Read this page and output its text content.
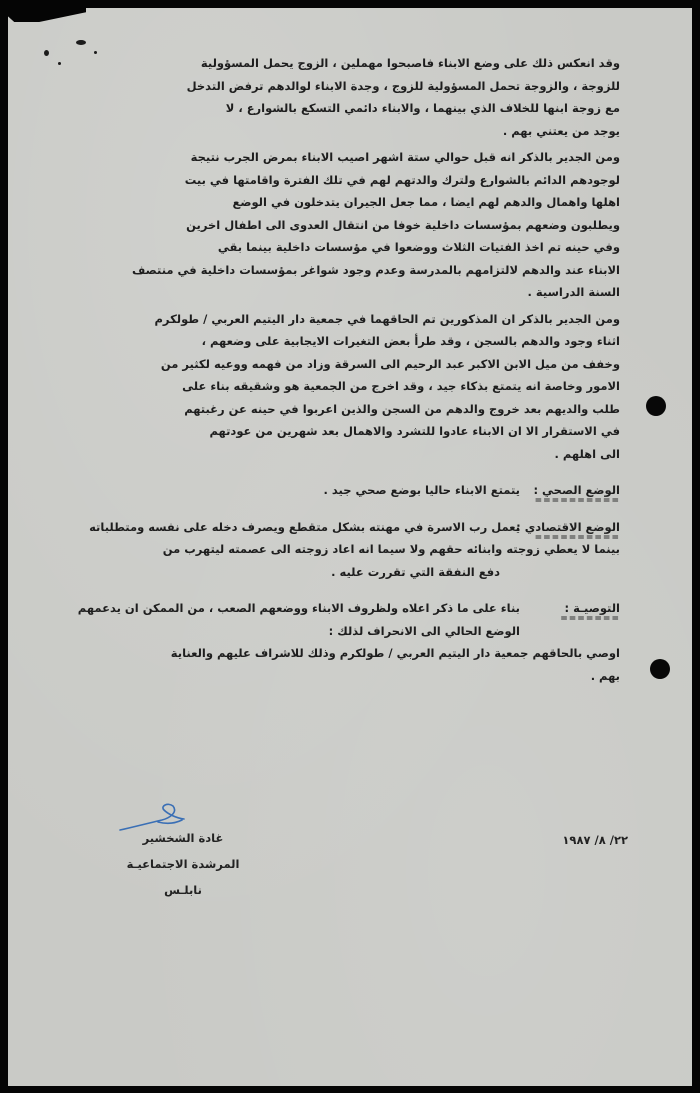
وقد انعكس ذلك على وضع الابناء فاصبحوا مهملين ، الزوج يحمل المسؤولية
للزوجة ، والزوجة تحمل المسؤولية للزوج ، وجدة الابناء لوالدهم ترفض التدخل
مع زوجة ابنها للخلاف الذي بينهما ، والابناء دائمي التسكع بالشوارع ، لا
يوجد من يعتني بهم .
ومن الجدير بالذكر انه قبل حوالي ستة اشهر اصيب الابناء بمرض الجرب نتيجة
لوجودهم الدائم بالشوارع ولترك والدتهم لهم في تلك الفترة واقامتها في بيت
اهلها واهمال والدهم لهم ايضا ، مما جعل الجيران يتدخلون في الوضع
ويطلبون وضعهم بمؤسسات داخلية خوفا من انتقال العدوى الى اطفال اخرين
وفي حينه تم اخذ الفتيات الثلاث ووضعوا في مؤسسات داخلية بينما بقي
الابناء عند والدهم لالتزامهم بالمدرسة وعدم وجود شواغر بمؤسسات داخلية في منتصف
السنة الدراسية .
ومن الجدير بالذكر ان المذكورين تم الحاقهما في جمعية دار اليتيم العربي / طولكرم
اثناء وجود والدهم بالسجن ، وقد طرأ بعض التغيرات الايجابية على وضعهم ،
وخفف من ميل الابن الاكبر عبد الرحيم الى السرقة وزاد من فهمه ووعيه لكثير من
الامور وخاصة انه يتمتع بذكاء جيد ، وقد اخرج من الجمعية هو وشقيقه بناء على
طلب والديهم بعد خروج والدهم من السجن والذين اعربوا في حينه عن رغبتهم
في الاستقرار الا ان الابناء عادوا للتشرد والاهمال بعد شهرين من عودتهم
الى اهلهم .
الوضع الصحي :
==========
يتمتع الابناء حاليا بوضع صحي جيد .
الوضع الاقتصادي :
==========
يعمل رب الاسرة في مهنته بشكل متقطع ويصرف دخله على نفسه ومتطلباته
بينما لا يعطي زوجته وابنائه حقهم ولا سيما انه اعاد زوجته الى عصمته ليتهرب من
دفع النفقة التي تقررت عليه .
التوصيـة :
=======
بناء على ما ذكر اعلاه ولظروف الابناء ووضعهم الصعب ، من الممكن ان يدعمهم
الوضع الحالي الى الانحراف لذلك :
اوصي بالحاقهم جمعية دار اليتيم العربي / طولكرم وذلك للاشراف عليهم والعناية
بهم .
غادة الشخشير
المرشدة الاجتماعيـة
نابلـس
٢٢/ ٨/ ١٩٨٧
